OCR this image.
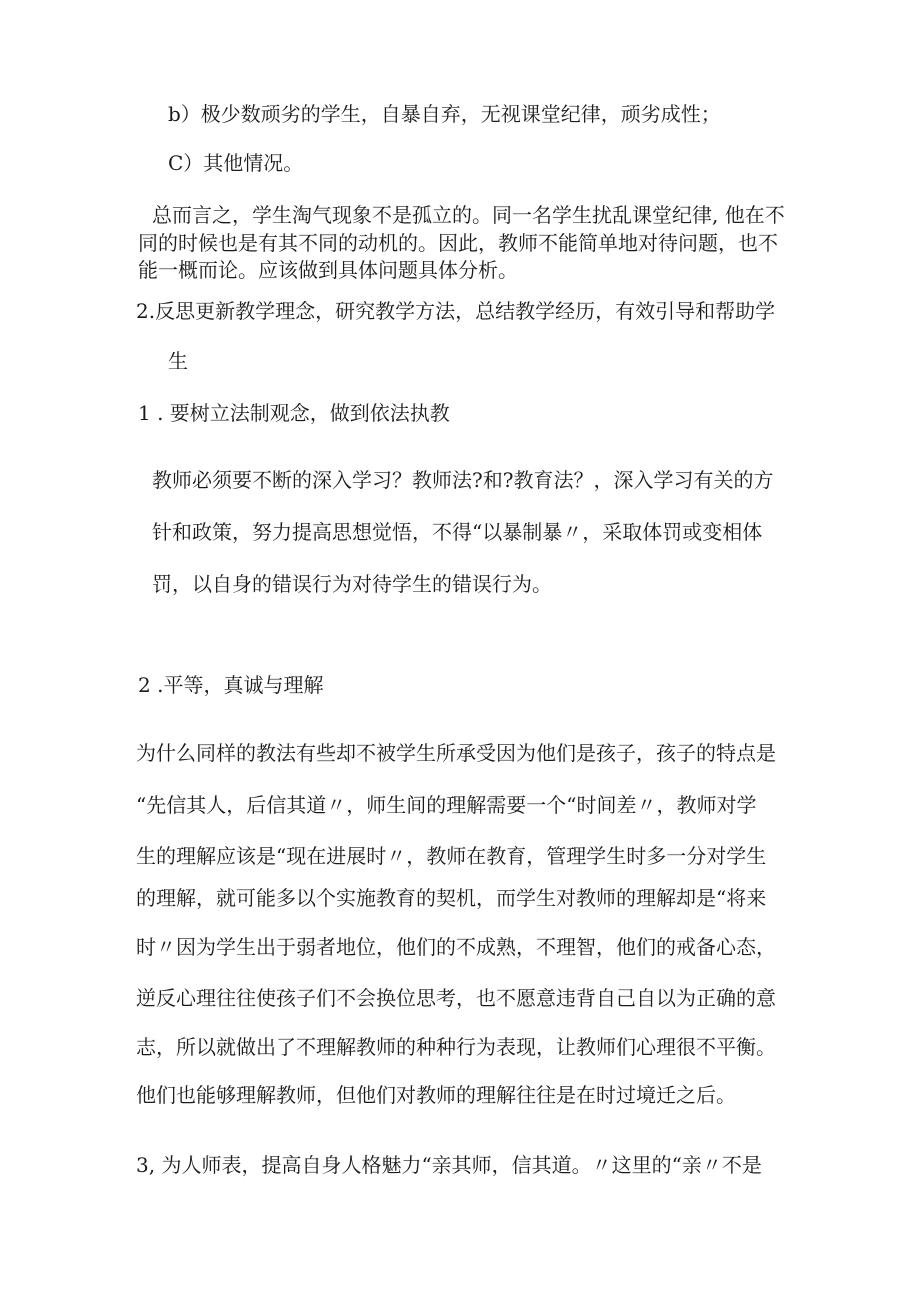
b）极少数顽劣的学生，自暴自弃，无视课堂纪律，顽劣成性；

C）其他情况。

总而言之，学生淘气现象不是孤立的。同一名学生扰乱课堂纪律, 他在不

同的时候也是有其不同的动机的。因此，教师不能简单地对待问题，也不

能一概而论。应该做到具体问题具体分析。

2.反思更新教学理念，研究教学方法，总结教学经历，有效引导和帮助学

生

1 . 要树立法制观念，做到依法执教

教师必须要不断的深入学习？教师法?和?教育法？，深入学习有关的方

针和政策，努力提高思想觉悟，不得“以暴制暴〃，采取体罚或变相体

罚，以自身的错误行为对待学生的错误行为。

2 .平等，真诚与理解

为什么同样的教法有些却不被学生所承受因为他们是孩子，孩子的特点是

“先信其人，后信其道〃，师生间的理解需要一个“时间差〃，教师对学

生的理解应该是“现在进展时〃，教师在教育，管理学生时多一分对学生

的理解，就可能多以个实施教育的契机，而学生对教师的理解却是“将来

时〃因为学生出于弱者地位，他们的不成熟，不理智，他们的戒备心态，

逆反心理往往使孩子们不会换位思考，也不愿意违背自己自以为正确的意

志，所以就做出了不理解教师的种种行为表现，让教师们心理很不平衡。

他们也能够理解教师，但他们对教师的理解往往是在时过境迁之后。

3, 为人师表，提高自身人格魅力“亲其师，信其道。〃这里的“亲〃不是
